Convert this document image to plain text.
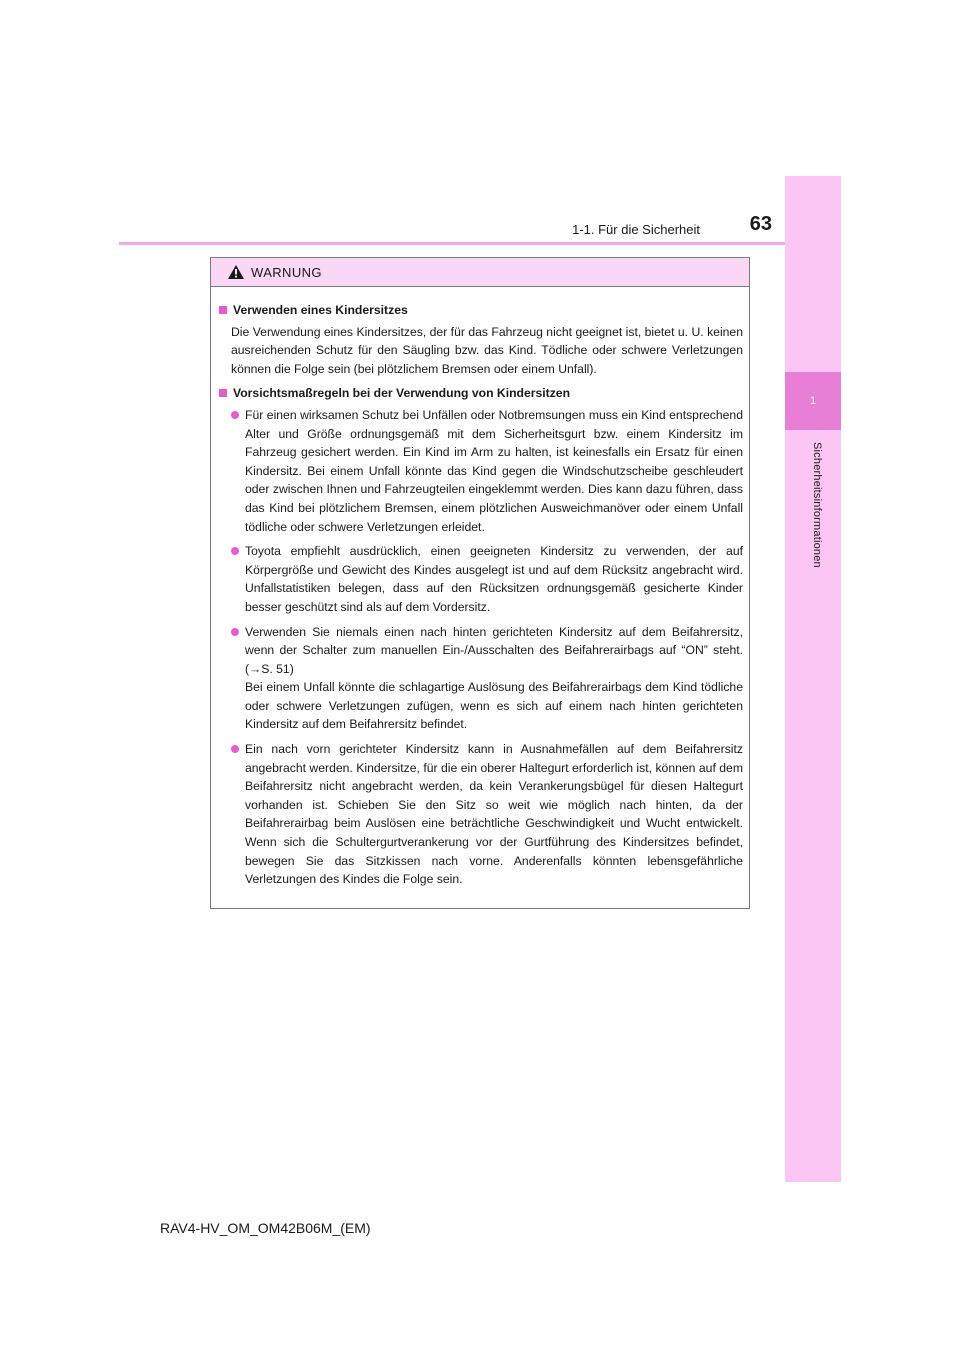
1
Sicherheitsinformationen
1-1. Für die Sicherheit	63
WARNUNG
Verwenden eines Kindersitzes
Die Verwendung eines Kindersitzes, der für das Fahrzeug nicht geeignet ist, bietet u. U. keinen ausreichenden Schutz für den Säugling bzw. das Kind. Tödliche oder schwere Verletzungen können die Folge sein (bei plötzlichem Bremsen oder einem Unfall).
Vorsichtsmaßregeln bei der Verwendung von Kindersitzen
Für einen wirksamen Schutz bei Unfällen oder Notbremsungen muss ein Kind entsprechend Alter und Größe ordnungsgemäß mit dem Sicherheitsgurt bzw. einem Kindersitz im Fahrzeug gesichert werden. Ein Kind im Arm zu halten, ist keinesfalls ein Ersatz für einen Kindersitz. Bei einem Unfall könnte das Kind gegen die Windschutzscheibe geschleudert oder zwischen Ihnen und Fahrzeugteilen eingeklemmt werden. Dies kann dazu führen, dass das Kind bei plötzlichem Bremsen, einem plötzlichen Ausweichmanöver oder einem Unfall tödliche oder schwere Verletzungen erleidet.
Toyota empfiehlt ausdrücklich, einen geeigneten Kindersitz zu verwenden, der auf Körpergröße und Gewicht des Kindes ausgelegt ist und auf dem Rücksitz angebracht wird. Unfallstatistiken belegen, dass auf den Rücksitzen ordnungsgemäß gesicherte Kinder besser geschützt sind als auf dem Vordersitz.
Verwenden Sie niemals einen nach hinten gerichteten Kindersitz auf dem Beifahrersitz, wenn der Schalter zum manuellen Ein-/Ausschalten des Beifahrerairbags auf “ON” steht. (→S. 51)
Bei einem Unfall könnte die schlagartige Auslösung des Beifahrerairbags dem Kind tödliche oder schwere Verletzungen zufügen, wenn es sich auf einem nach hinten gerichteten Kindersitz auf dem Beifahrersitz befindet.
Ein nach vorn gerichteter Kindersitz kann in Ausnahmefällen auf dem Beifahrersitz angebracht werden. Kindersitze, für die ein oberer Haltegurt erforderlich ist, können auf dem Beifahrersitz nicht angebracht werden, da kein Verankerungsbügel für diesen Haltegurt vorhanden ist. Schieben Sie den Sitz so weit wie möglich nach hinten, da der Beifahrerairbag beim Auslösen eine beträchtliche Geschwindigkeit und Wucht entwickelt. Wenn sich die Schultergurtverankerung vor der Gurtführung des Kindersitzes befindet, bewegen Sie das Sitzkissen nach vorne. Anderenfalls könnten lebensgefährliche Verletzungen des Kindes die Folge sein.
RAV4-HV_OM_OM42B06M_(EM)
